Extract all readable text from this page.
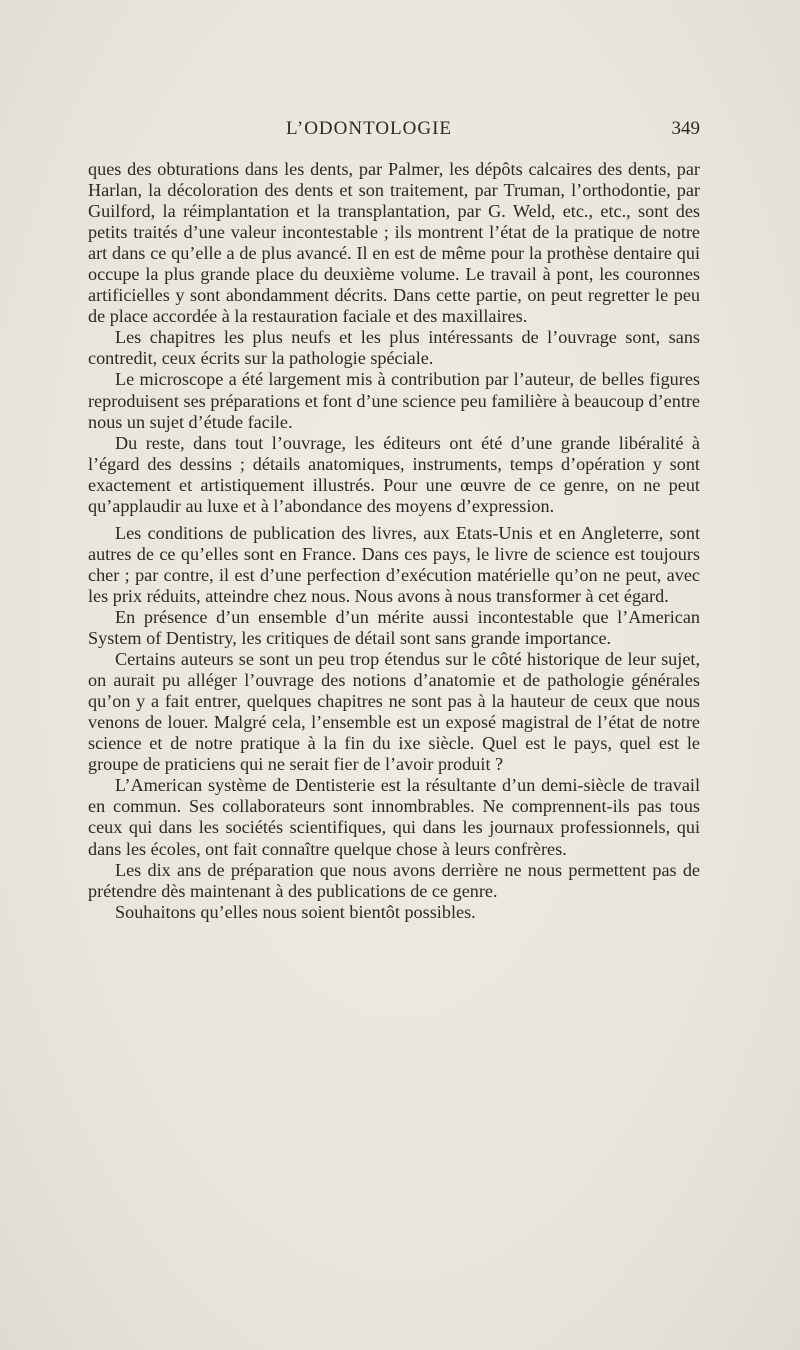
L’ODONTOLOGIE	349

ques des obturations dans les dents, par Palmer, les dépôts calcaires des dents, par Harlan, la décoloration des dents et son traitement, par Truman, l’orthodontie, par Guilford, la réimplantation et la transplantation, par G. Weld, etc., etc., sont des petits traités d’une valeur incontestable ; ils montrent l’état de la pratique de notre art dans ce qu’elle a de plus avancé. Il en est de même pour la prothèse dentaire qui occupe la plus grande place du deuxième volume. Le travail à pont, les couronnes artificielles y sont abondamment décrits. Dans cette partie, on peut regretter le peu de place accordée à la restauration faciale et des maxillaires.

Les chapitres les plus neufs et les plus intéressants de l’ouvrage sont, sans contredit, ceux écrits sur la pathologie spéciale.

Le microscope a été largement mis à contribution par l’auteur, de belles figures reproduisent ses préparations et font d’une science peu familière à beaucoup d’entre nous un sujet d’étude facile.

Du reste, dans tout l’ouvrage, les éditeurs ont été d’une grande libéralité à l’égard des dessins ; détails anatomiques, instruments, temps d’opération y sont exactement et artistiquement illustrés. Pour une œuvre de ce genre, on ne peut qu’applaudir au luxe et à l’abondance des moyens d’expression.

Les conditions de publication des livres, aux Etats-Unis et en Angleterre, sont autres de ce qu’elles sont en France. Dans ces pays, le livre de science est toujours cher ; par contre, il est d’une perfection d’exécution matérielle qu’on ne peut, avec les prix réduits, atteindre chez nous. Nous avons à nous transformer à cet égard.

En présence d’un ensemble d’un mérite aussi incontestable que l’American System of Dentistry, les critiques de détail sont sans grande importance.

Certains auteurs se sont un peu trop étendus sur le côté historique de leur sujet, on aurait pu alléger l’ouvrage des notions d’anatomie et de pathologie générales qu’on y a fait entrer, quelques chapitres ne sont pas à la hauteur de ceux que nous venons de louer. Malgré cela, l’ensemble est un exposé magistral de l’état de notre science et de notre pratique à la fin du ixe siècle. Quel est le pays, quel est le groupe de praticiens qui ne serait fier de l’avoir produit ?

L’American système de Dentisterie est la résultante d’un demi-siècle de travail en commun. Ses collaborateurs sont innombrables. Ne comprennent-ils pas tous ceux qui dans les sociétés scientifiques, qui dans les journaux professionnels, qui dans les écoles, ont fait connaître quelque chose à leurs confrères.

Les dix ans de préparation que nous avons derrière ne nous permettent pas de prétendre dès maintenant à des publications de ce genre.

Souhaitons qu’elles nous soient bientôt possibles.
